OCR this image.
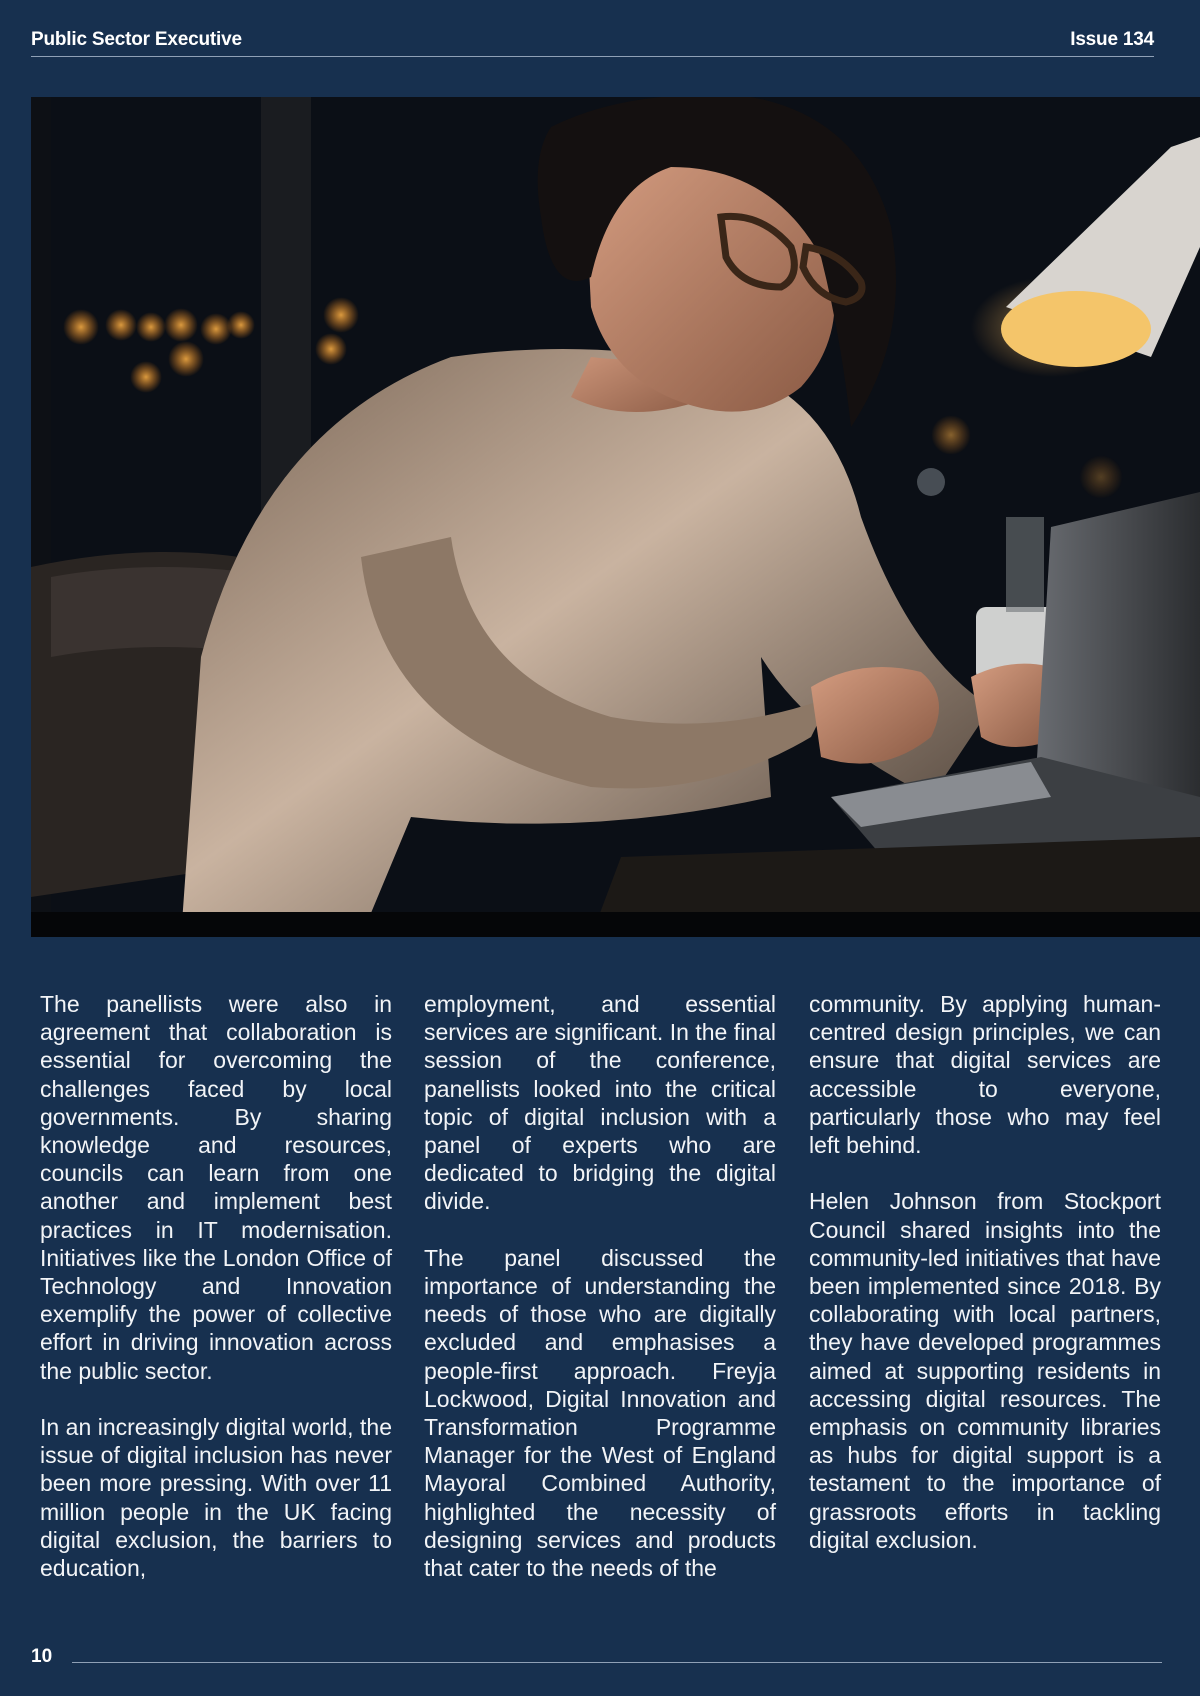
Public Sector Executive	Issue 134

The panellists were also in agreement that collaboration is essential for overcoming the challenges faced by local governments. By sharing knowledge and resources, councils can learn from one another and implement best practices in IT modernisation. Initiatives like the London Office of Technology and Innovation exemplify the power of collective effort in driving innovation across the public sector.

In an increasingly digital world, the issue of digital inclusion has never been more pressing. With over 11 million people in the UK facing digital exclusion, the barriers to education,

employment, and essential services are significant. In the final session of the conference, panellists looked into the critical topic of digital inclusion with a panel of experts who are dedicated to bridging the digital divide.

The panel discussed the importance of understanding the needs of those who are digitally excluded and emphasises a people-first approach. Freyja Lockwood, Digital Innovation and Transformation Programme Manager for the West of England Mayoral Combined Authority, highlighted the necessity of designing services and products that cater to the needs of the

community. By applying human-centred design principles, we can ensure that digital services are accessible to everyone, particularly those who may feel left behind.

Helen Johnson from Stockport Council shared insights into the community-led initiatives that have been implemented since 2018. By collaborating with local partners, they have developed programmes aimed at supporting residents in accessing digital resources. The emphasis on community libraries as hubs for digital support is a testament to the importance of grassroots efforts in tackling digital exclusion.

10
